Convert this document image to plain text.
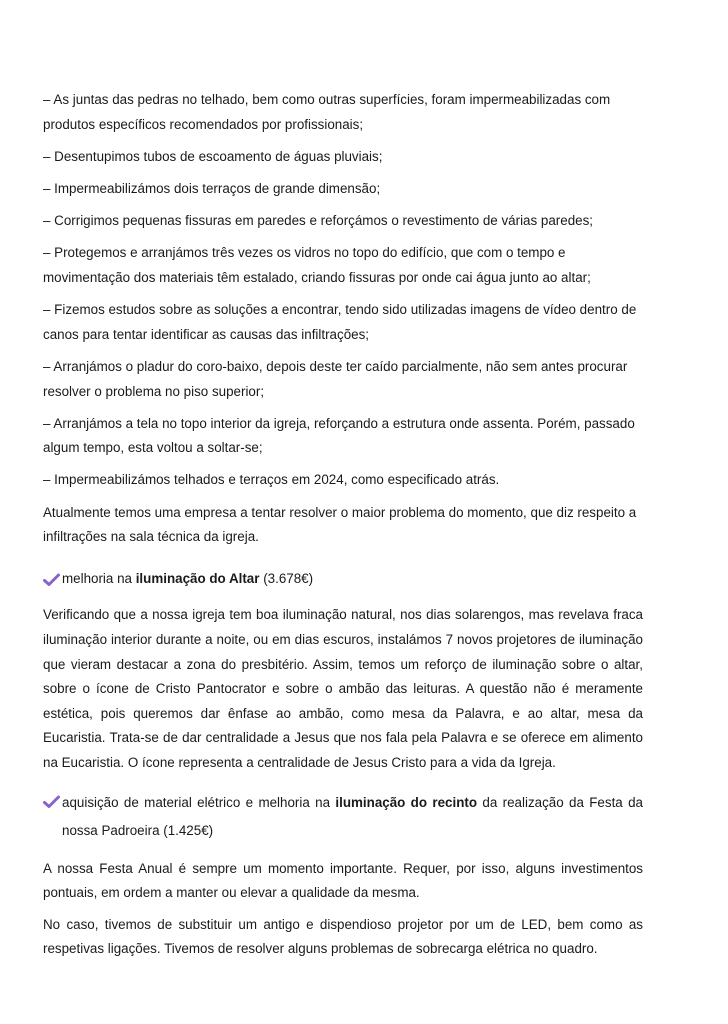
– As juntas das pedras no telhado, bem como outras superfícies, foram impermeabilizadas com produtos específicos recomendados por profissionais;

– Desentupimos tubos de escoamento de águas pluviais;

– Impermeabilizámos dois terraços de grande dimensão;

– Corrigimos pequenas fissuras em paredes e reforçámos o revestimento de várias paredes;

– Protegemos e arranjámos três vezes os vidros no topo do edifício, que com o tempo e movimentação dos materiais têm estalado, criando fissuras por onde cai água junto ao altar;

– Fizemos estudos sobre as soluções a encontrar, tendo sido utilizadas imagens de vídeo dentro de canos para tentar identificar as causas das infiltrações;

– Arranjámos o pladur do coro-baixo, depois deste ter caído parcialmente, não sem antes procurar resolver o problema no piso superior;

– Arranjámos a tela no topo interior da igreja, reforçando a estrutura onde assenta. Porém, passado algum tempo, esta voltou a soltar-se;

– Impermeabilizámos telhados e terraços em 2024, como especificado atrás.

Atualmente temos uma empresa a tentar resolver o maior problema do momento, que diz respeito a infiltrações na sala técnica da igreja.

melhoria na iluminação do Altar (3.678€)

Verificando que a nossa igreja tem boa iluminação natural, nos dias solarengos, mas revelava fraca iluminação interior durante a noite, ou em dias escuros, instalámos 7 novos projetores de iluminação que vieram destacar a zona do presbitério. Assim, temos um reforço de iluminação sobre o altar, sobre o ícone de Cristo Pantocrator e sobre o ambão das leituras. A questão não é meramente estética, pois queremos dar ênfase ao ambão, como mesa da Palavra, e ao altar, mesa da Eucaristia. Trata-se de dar centralidade a Jesus que nos fala pela Palavra e se oferece em alimento na Eucaristia. O ícone representa a centralidade de Jesus Cristo para a vida da Igreja.

aquisição de material elétrico e melhoria na iluminação do recinto da realização da Festa da nossa Padroeira (1.425€)

A nossa Festa Anual é sempre um momento importante. Requer, por isso, alguns investimentos pontuais, em ordem a manter ou elevar a qualidade da mesma.

No caso, tivemos de substituir um antigo e dispendioso projetor por um de LED, bem como as respetivas ligações. Tivemos de resolver alguns problemas de sobrecarga elétrica no quadro.
